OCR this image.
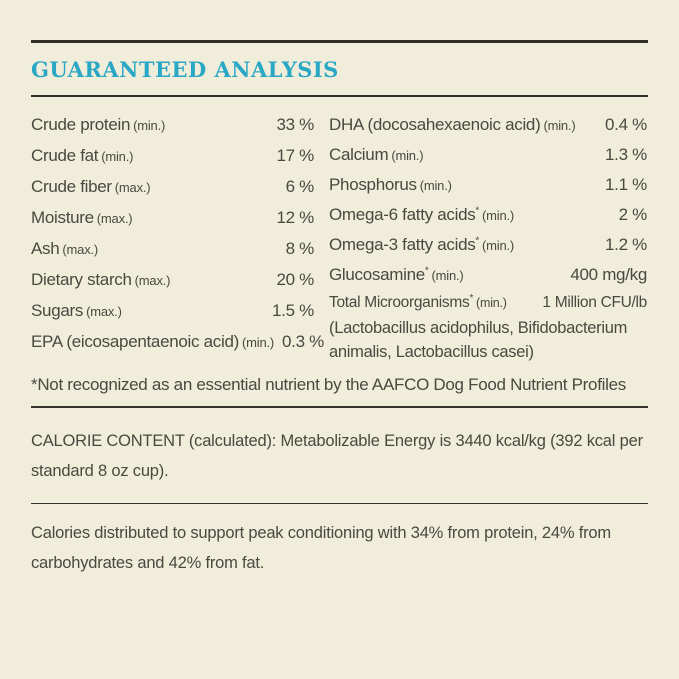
GUARANTEED ANALYSIS
Crude protein (min.)	33 %
Crude fat (min.)	17 %
Crude fiber (max.)	6 %
Moisture (max.)	12 %
Ash (max.)	8 %
Dietary starch (max.)	20 %
Sugars (max.)	1.5 %
EPA (eicosapentaenoic acid) (min.) 0.3 %
DHA (docosahexaenoic acid) (min.)	0.4 %
Calcium (min.)	1.3 %
Phosphorus (min.)	1.1 %
Omega-6 fatty acids* (min.)	2 %
Omega-3 fatty acids* (min.)	1.2 %
Glucosamine* (min.)	400 mg/kg
Total Microorganisms* (min.)	1 Million CFU/lb
(Lactobacillus acidophilus, Bifidobacterium animalis, Lactobacillus casei)
*Not recognized as an essential nutrient by the AAFCO Dog Food Nutrient Profiles

CALORIE CONTENT (calculated): Metabolizable Energy is 3440 kcal/kg (392 kcal per standard 8 oz cup).

Calories distributed to support peak conditioning with 34% from protein, 24% from carbohydrates and 42% from fat.
